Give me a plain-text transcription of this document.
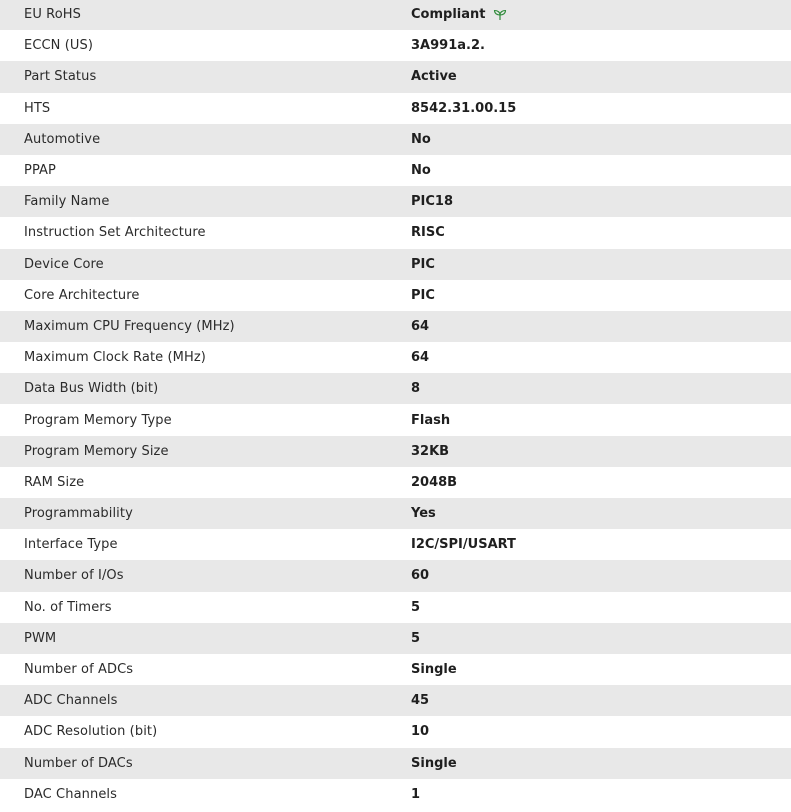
EU RoHS	Compliant
ECCN (US)	3A991a.2.
Part Status	Active
HTS	8542.31.00.15
Automotive	No
PPAP	No
Family Name	PIC18
Instruction Set Architecture	RISC
Device Core	PIC
Core Architecture	PIC
Maximum CPU Frequency (MHz)	64
Maximum Clock Rate (MHz)	64
Data Bus Width (bit)	8
Program Memory Type	Flash
Program Memory Size	32KB
RAM Size	2048B
Programmability	Yes
Interface Type	I2C/SPI/USART
Number of I/Os	60
No. of Timers	5
PWM	5
Number of ADCs	Single
ADC Channels	45
ADC Resolution (bit)	10
Number of DACs	Single
DAC Channels	1
